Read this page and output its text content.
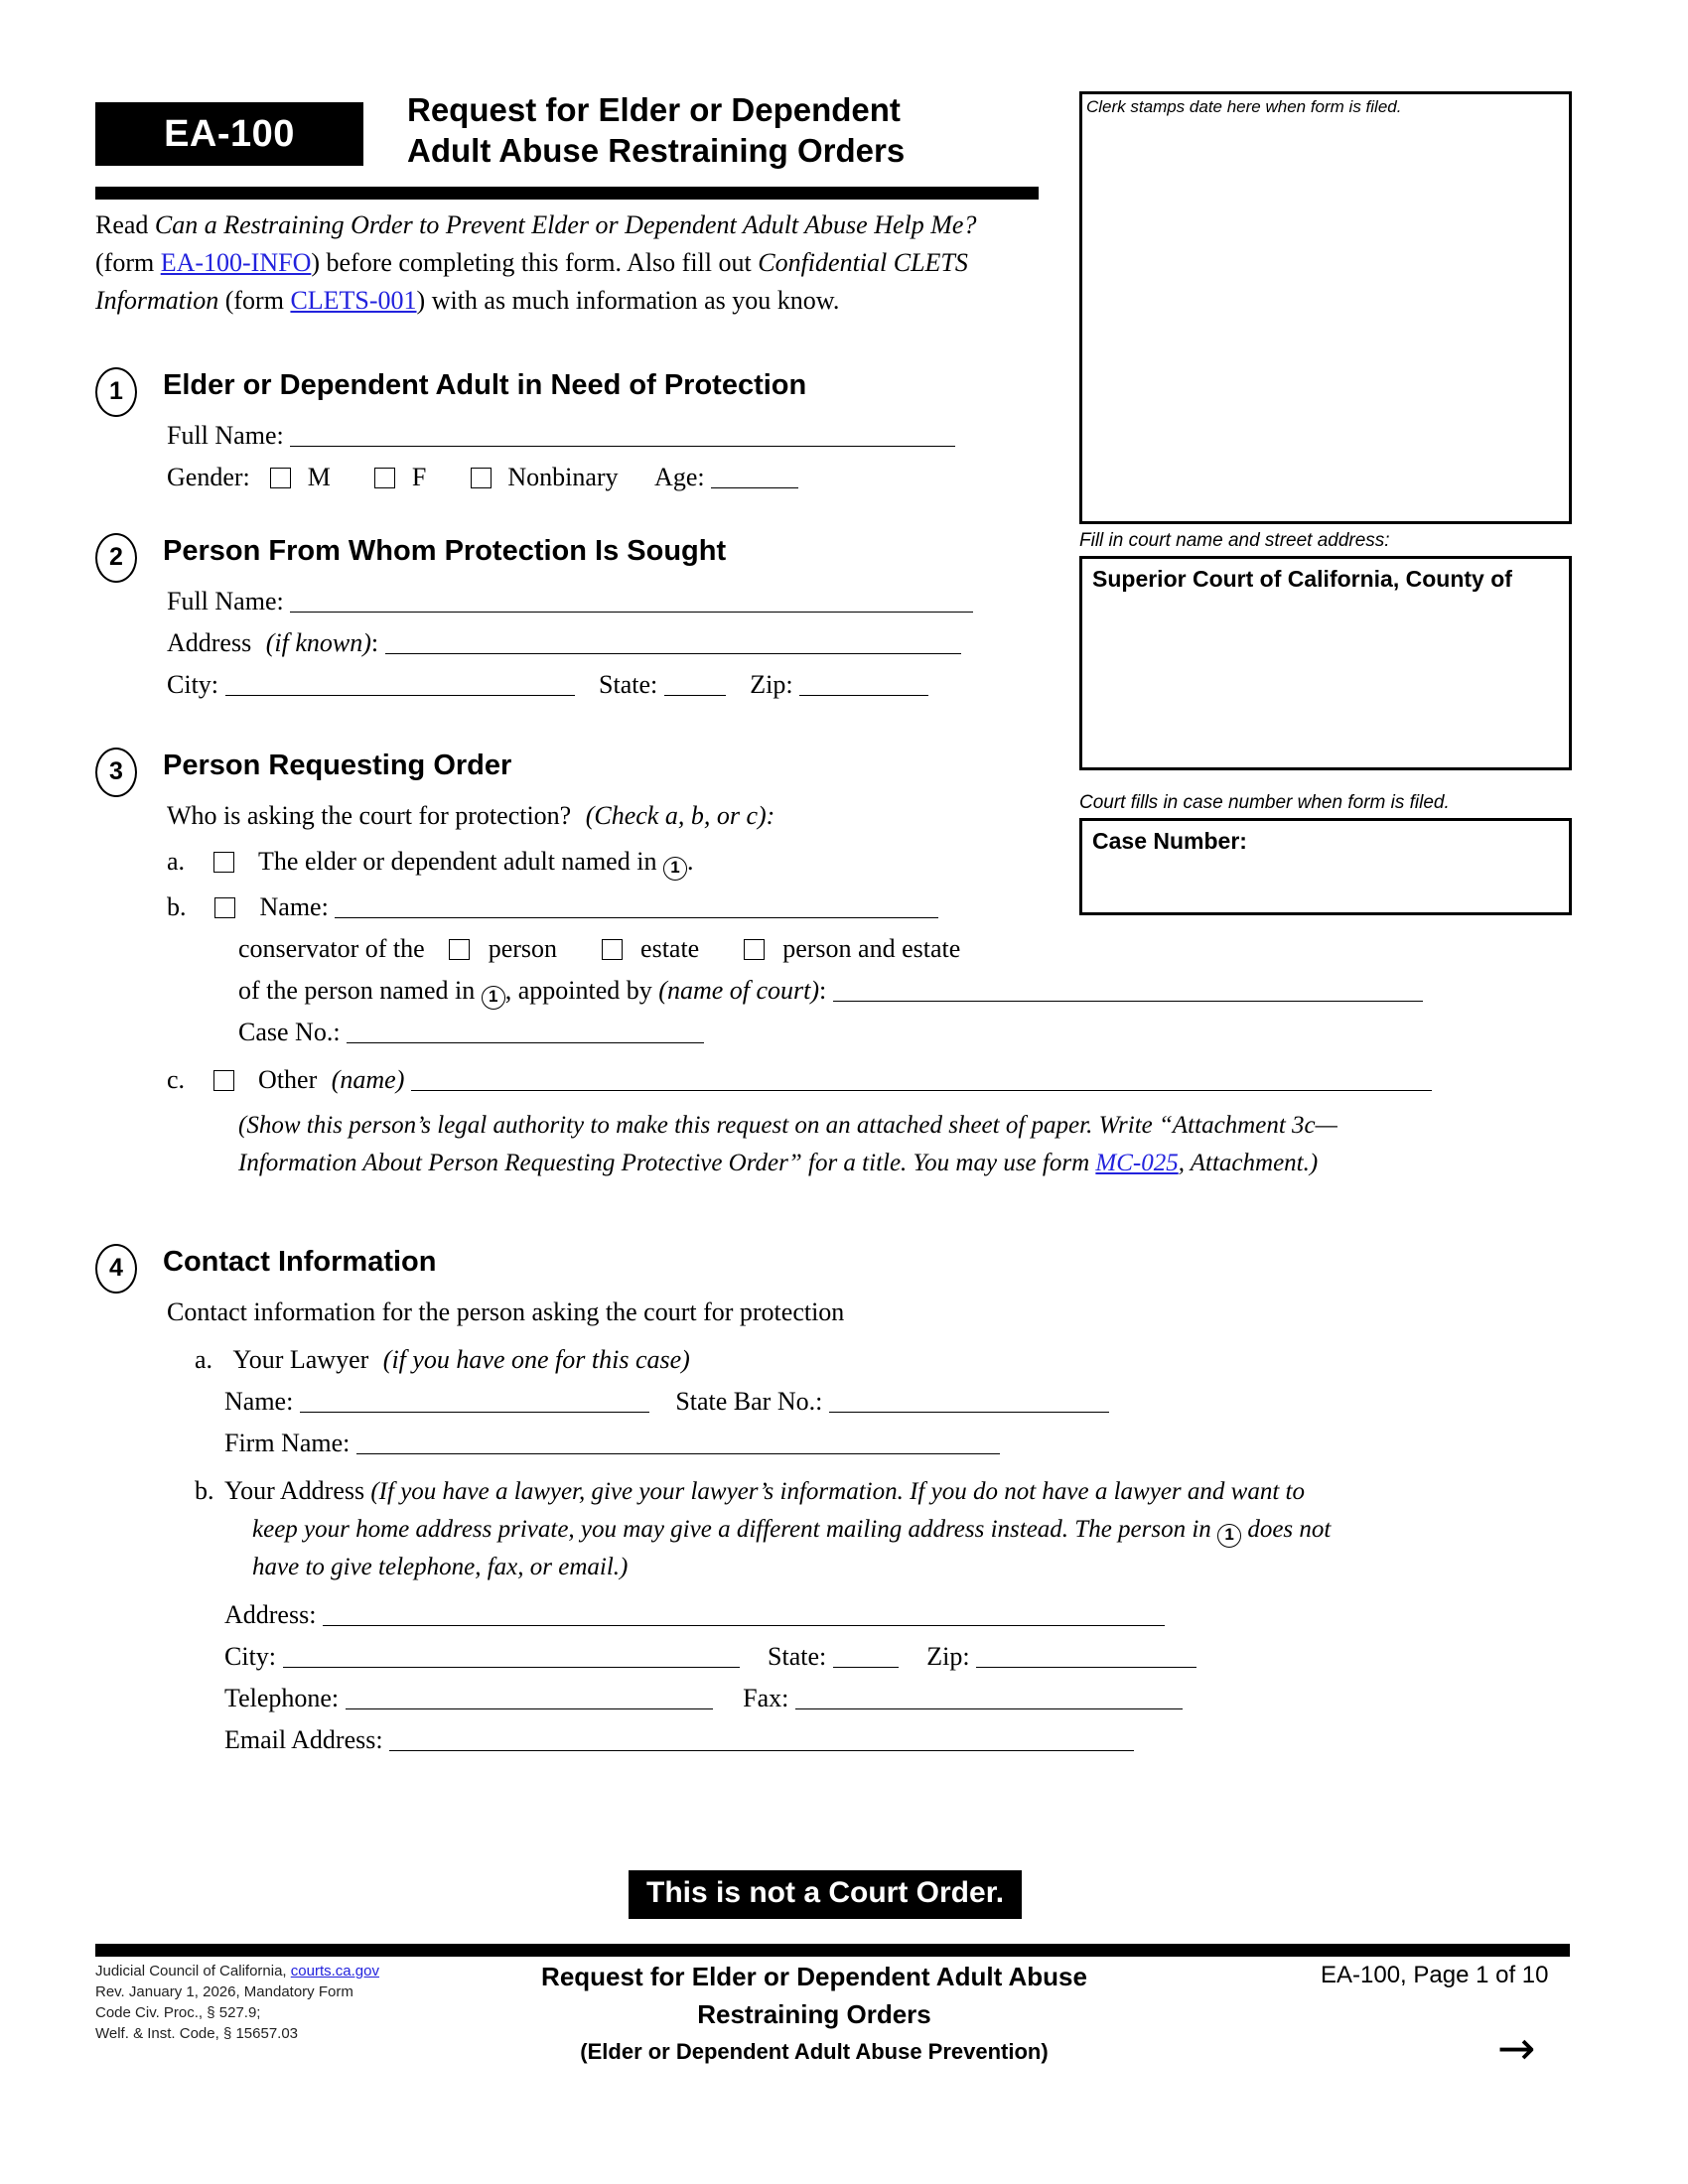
EA-100
Request for Elder or Dependent
Adult Abuse Restraining Orders
Read Can a Restraining Order to Prevent Elder or Dependent Adult Abuse Help Me? (form EA-100-INFO) before completing this form. Also fill out Confidential CLETS Information (form CLETS-001) with as much information as you know.
Clerk stamps date here when form is filed.
Fill in court name and street address:
Superior Court of California, County of
Court fills in case number when form is filed.
Case Number:
1	Elder or Dependent Adult in Need of Protection
Full Name:
Gender: M	F	Nonbinary Age:
2	Person From Whom Protection Is Sought
Full Name:
Address (if known):
City:	State:	Zip:
3	Person Requesting Order
Who is asking the court for protection? (Check a, b, or c):
a.	The elder or dependent adult named in 1 .
b.	Name:
conservator of the person	estate	person and estate
of the person named in 1 , appointed by (name of court):
Case No.:
c.	Other (name)
(Show this person’s legal authority to make this request on an attached sheet of paper. Write “Attachment 3c—
Information About Person Requesting Protective Order” for a title. You may use form MC-025, Attachment.)
4	Contact Information
Contact information for the person asking the court for protection
a. Your Lawyer (if you have one for this case)
Name:	State Bar No.:
Firm Name:
b. Your Address (If you have a lawyer, give your lawyer’s information. If you do not have a lawyer and want to
keep your home address private, you may give a different mailing address instead. The person in 1 does not
have to give telephone, fax, or email.)
Address:
City:	State:	Zip:
Telephone:	Fax:
Email Address:
This is not a Court Order.
Judicial Council of California, courts.ca.gov
Rev. January 1, 2026, Mandatory Form
Code Civ. Proc., § 527.9;
Welf. & Inst. Code, § 15657.03
Request for Elder or Dependent Adult Abuse
Restraining Orders
(Elder or Dependent Adult Abuse Prevention)
EA-100, Page 1 of 10
→
